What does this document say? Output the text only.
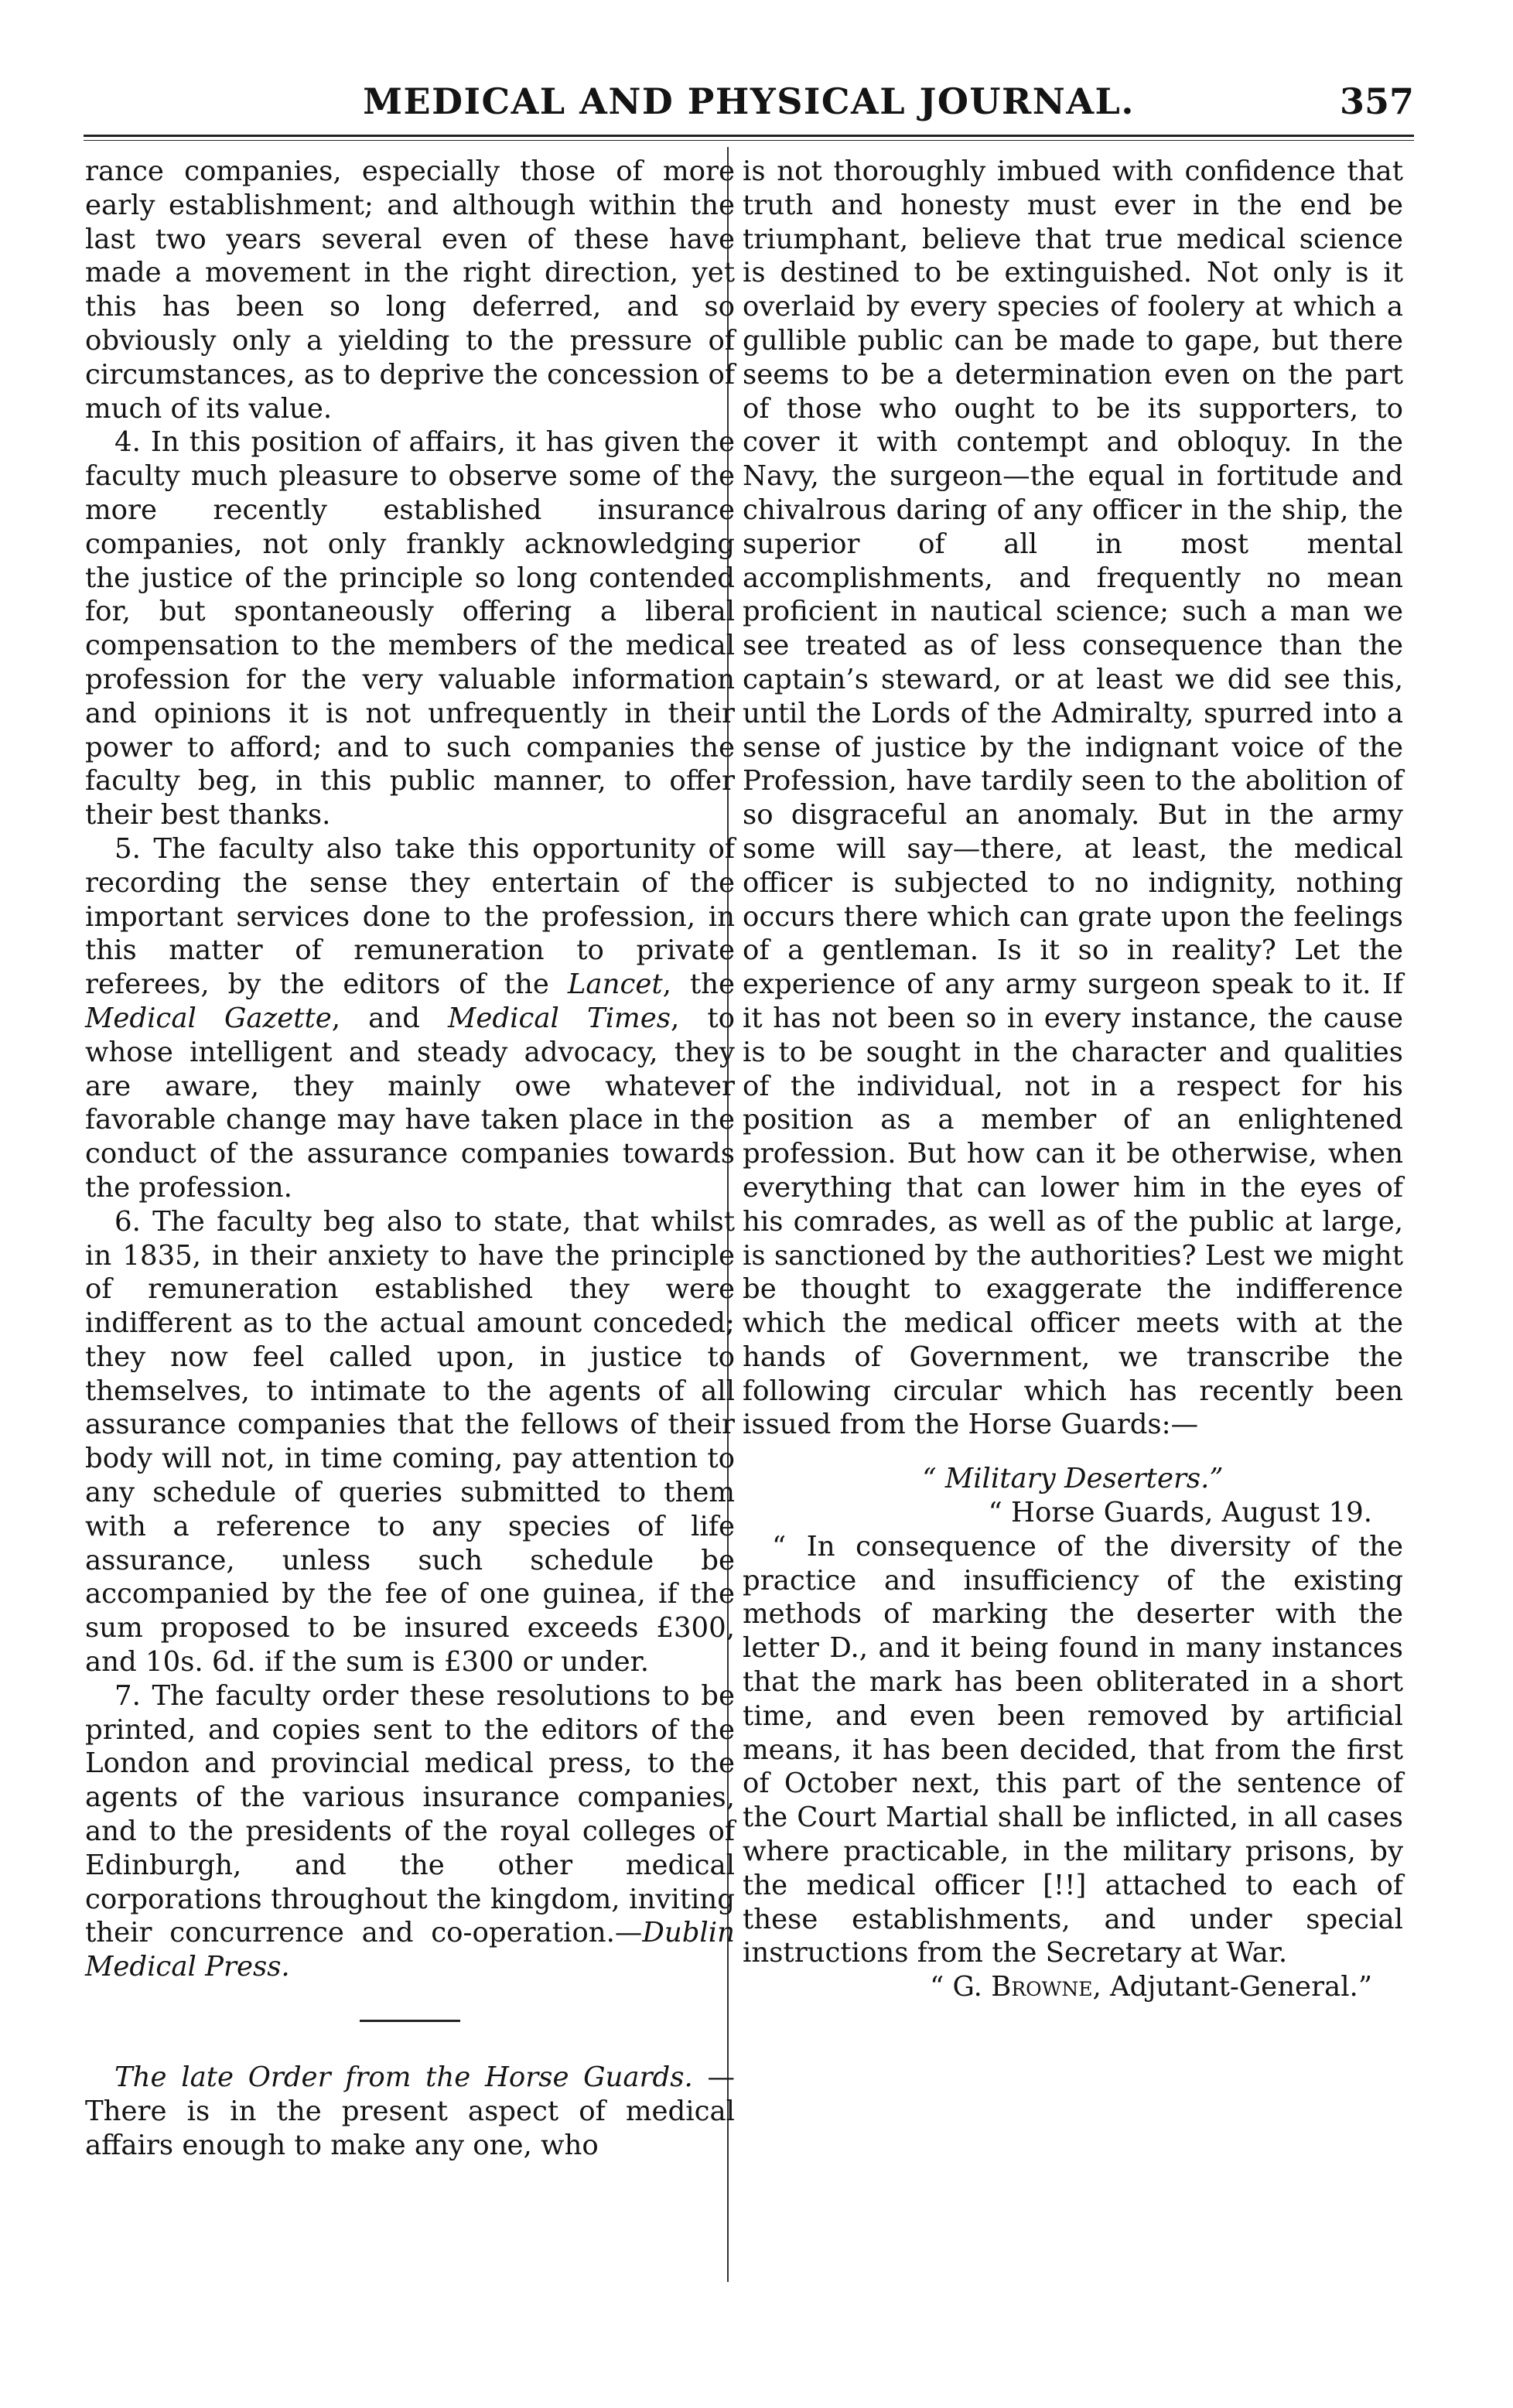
MEDICAL AND PHYSICAL JOURNAL.	357

rance companies, especially those of more early establishment; and although within the last two years several even of these have made a movement in the right direction, yet this has been so long deferred, and so obviously only a yielding to the pressure of circumstances, as to deprive the concession of much of its value.

4. In this position of affairs, it has given the faculty much pleasure to observe some of the more recently established insurance companies, not only frankly acknowledging the justice of the principle so long contended for, but spontaneously offering a liberal compensation to the members of the medical profession for the very valuable information and opinions it is not unfrequently in their power to afford; and to such companies the faculty beg, in this public manner, to offer their best thanks.

5. The faculty also take this opportunity of recording the sense they entertain of the important services done to the profession, in this matter of remuneration to private referees, by the editors of the Lancet, the Medical Gazette, and Medical Times, to whose intelligent and steady advocacy, they are aware, they mainly owe whatever favorable change may have taken place in the conduct of the assurance companies towards the profession.

6. The faculty beg also to state, that whilst in 1835, in their anxiety to have the principle of remuneration established they were indifferent as to the actual amount conceded; they now feel called upon, in justice to themselves, to intimate to the agents of all assurance companies that the fellows of their body will not, in time coming, pay attention to any schedule of queries submitted to them with a reference to any species of life assurance, unless such schedule be accompanied by the fee of one guinea, if the sum proposed to be insured exceeds £300, and 10s. 6d. if the sum is £300 or under.

7. The faculty order these resolutions to be printed, and copies sent to the editors of the London and provincial medical press, to the agents of the various insurance companies, and to the presidents of the royal colleges of Edinburgh, and the other medical corporations throughout the kingdom, inviting their concurrence and co-operation.—Dublin Medical Press.

The late Order from the Horse Guards. —There is in the present aspect of medical affairs enough to make any one, who

is not thoroughly imbued with confidence that truth and honesty must ever in the end be triumphant, believe that true medical science is destined to be extinguished. Not only is it overlaid by every species of foolery at which a gullible public can be made to gape, but there seems to be a determination even on the part of those who ought to be its supporters, to cover it with contempt and obloquy. In the Navy, the surgeon—the equal in fortitude and chivalrous daring of any officer in the ship, the superior of all in most mental accomplishments, and frequently no mean proficient in nautical science; such a man we see treated as of less consequence than the captain’s steward, or at least we did see this, until the Lords of the Admiralty, spurred into a sense of justice by the indignant voice of the Profession, have tardily seen to the abolition of so disgraceful an anomaly. But in the army some will say—there, at least, the medical officer is subjected to no indignity, nothing occurs there which can grate upon the feelings of a gentleman. Is it so in reality? Let the experience of any army surgeon speak to it. If it has not been so in every instance, the cause is to be sought in the character and qualities of the individual, not in a respect for his position as a member of an enlightened profession. But how can it be otherwise, when everything that can lower him in the eyes of his comrades, as well as of the public at large, is sanctioned by the authorities? Lest we might be thought to exaggerate the indifference which the medical officer meets with at the hands of Government, we transcribe the following circular which has recently been issued from the Horse Guards:—

“ Military Deserters.”

“ Horse Guards, August 19.

“ In consequence of the diversity of the practice and insufficiency of the existing methods of marking the deserter with the letter D., and it being found in many instances that the mark has been obliterated in a short time, and even been removed by artificial means, it has been decided, that from the first of October next, this part of the sentence of the Court Martial shall be inflicted, in all cases where practicable, in the military prisons, by the medical officer [!!] attached to each of these establishments, and under special instructions from the Secretary at War.

“ G. Browne, Adjutant-General.”
